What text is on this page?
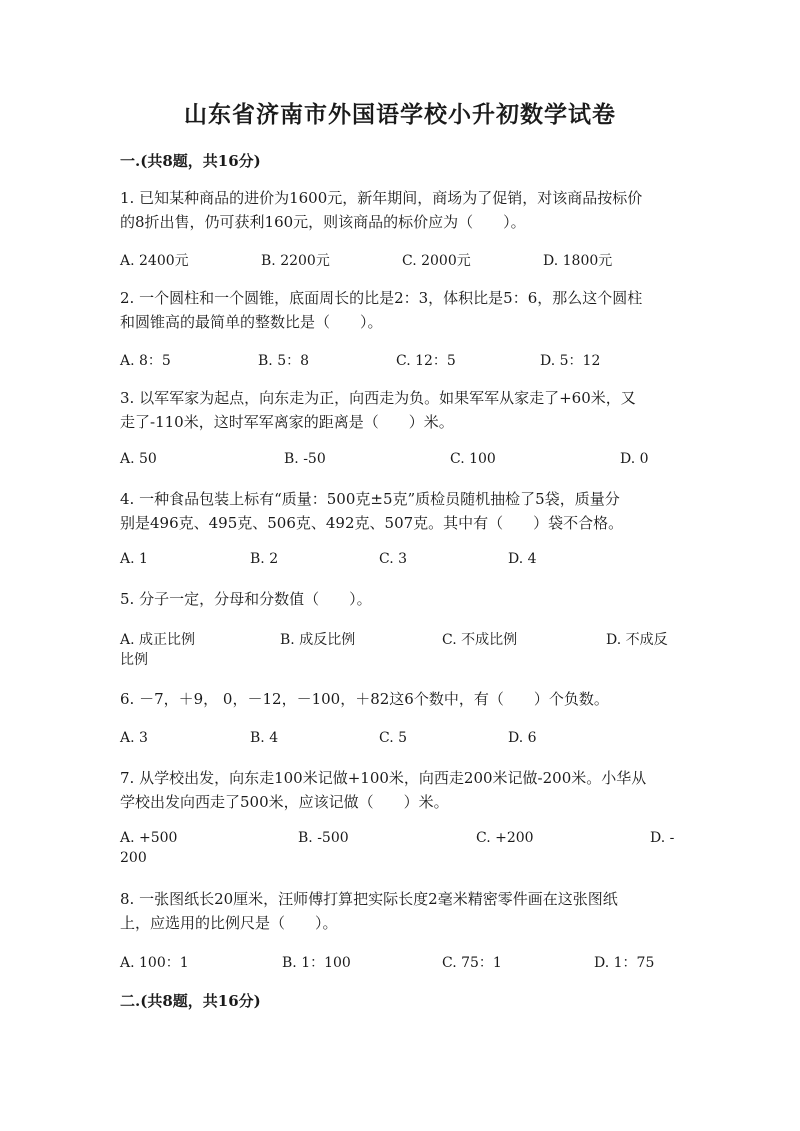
山东省济南市外国语学校小升初数学试卷
一.(共8题，共16分)
1. 已知某种商品的进价为1600元，新年期间，商场为了促销，对该商品按标价
的8折出售，仍可获利160元，则该商品的标价应为（　　）。
A. 2400元	B. 2200元	C. 2000元	D. 1800元
2. 一个圆柱和一个圆锥，底面周长的比是2：3，体积比是5：6，那么这个圆柱
和圆锥高的最简单的整数比是（　　）。
A. 8：5	B. 5：8	C. 12：5	D. 5：12
3. 以军军家为起点，向东走为正，向西走为负。如果军军从家走了+60米，又
走了-110米，这时军军离家的距离是（　　）米。
A. 50	B. -50	C. 100	D. 0
4. 一种食品包装上标有“质量：500克±5克”质检员随机抽检了5袋，质量分
别是496克、495克、506克、492克、507克。其中有（　　）袋不合格。
A. 1	B. 2	C. 3	D. 4
5. 分子一定，分母和分数值（　　）。
A. 成正比例	B. 成反比例	C. 不成比例	D. 不成反
比例
6. －7，＋9， 0，－12，－100，＋82这6个数中，有（　　）个负数。
A. 3	B. 4	C. 5	D. 6
7. 从学校出发，向东走100米记做+100米，向西走200米记做-200米。小华从
学校出发向西走了500米，应该记做（　　）米。
A. +500	B. -500	C. +200	D. -
200
8. 一张图纸长20厘米，汪师傅打算把实际长度2毫米精密零件画在这张图纸
上，应选用的比例尺是（　　）。
A. 100：1	B. 1：100	C. 75：1	D. 1：75
二.(共8题，共16分)
